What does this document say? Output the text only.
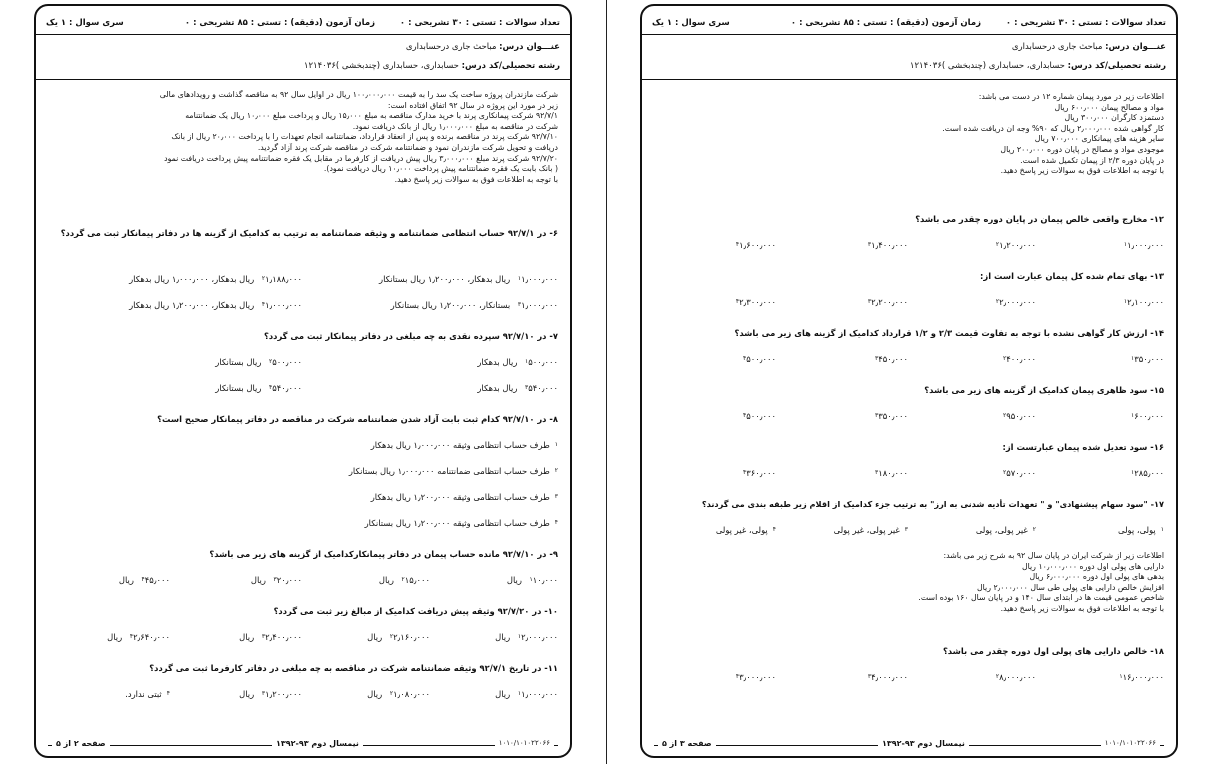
تعداد سوالات : تستی : ۳۰ تشریحی : ۰
زمان آزمون (دقیقه) : تستی : ۸۵ تشریحی : ۰
سری سوال : ۱ یک
عنـــوان درس: مباحث جاری درحسابداری
رشته تحصیلی/کد درس: حسابداری، حسابداری (چندبخشی )۱۲۱۴۰۳۶
شرکت مازندران پروژه ساخت یک سد را به قیمت ۱۰۰٫۰۰۰٫۰۰۰ ریال در اوایل سال ۹۲ به مناقصه گذاشت و رویدادهای مالی
زیر در مورد این پروژه در سال ۹۲ اتفاق افتاده است:
۹۲/۷/۱ شرکت پیمانکاری پرند با خرید مدارک مناقصه به مبلغ ۱۵٫۰۰۰ ریال و پرداخت مبلغ ۱۰٫۰۰۰ ریال یک ضمانتنامه
شرکت در مناقصه به مبلغ ۱٫۰۰۰٫۰۰۰ ریال از بانک دریافت نمود.
۹۲/۷/۱۰ شرکت پرند در مناقصه برنده و پس از انعقاد قرارداد، ضمانتنامه انجام تعهدات را با پرداخت ۲۰٫۰۰۰ ریال از بانک
دریافت و تحویل شرکت مازندران نمود و ضمانتنامه شرکت در مناقصه شرکت پرند آزاد گردید.
۹۲/۷/۲۰ شرکت پرند مبلغ ۳٫۰۰۰٫۰۰۰ ریال پیش دریافت از کارفرما در مقابل یک فقره ضمانتنامه پیش پرداخت دریافت نمود
( بانک بابت یک فقره ضمانتنامه پیش پرداخت ۱۰٫۰۰۰ ریال دریافت نمود).
با توجه به اطلاعات فوق به سوالات زیر پاسخ دهید.
۶- در ۹۲/۷/۱ حساب انتظامی ضمانتنامه و وثیقه ضمانتنامه به ترتیب به کدامیک از گزینه ها در دفاتر پیمانکار ثبت می گردد؟
$^۱$۱٫۰۰۰٫۰۰۰ ریال بدهکار، ۱٫۲۰۰٫۰۰۰ ریال بستانکار
$^۲$۱٫۱۸۸٫۰۰۰ ریال بدهکار، ۱٫۰۰۰٫۰۰۰ ریال بدهکار
$^۳$۱٫۰۰۰٫۰۰۰ بستانکار، ۱٫۲۰۰٫۰۰۰ ریال بستانکار
$^۴$۱٫۰۰۰٫۰۰۰ ریال بدهکار، ۱٫۲۰۰٫۰۰۰ ریال بدهکار
۷- در ۹۲/۷/۱۰ سپرده نقدی به چه مبلغی در دفاتر پیمانکار ثبت می گردد؟
$^۱$۵۰۰٫۰۰۰ ریال بدهکار
$^۲$۵۰۰٫۰۰۰ ریال بستانکار
$^۳$۵۴۰٫۰۰۰ ریال بدهکار
$^۴$۵۴۰٫۰۰۰ ریال بستانکار
۸- در ۹۲/۷/۱۰ کدام ثبت بابت آزاد شدن ضمانتنامه شرکت در مناقصه در دفاتر پیمانکار صحیح است؟
$^۱$طرف حساب انتظامی وثیقه ۱٫۰۰۰٫۰۰۰ ریال بدهکار
$^۲$طرف حساب انتظامی ضمانتنامه ۱٫۰۰۰٫۰۰۰ ریال بستانکار
$^۳$طرف حساب انتظامی وثیقه ۱٫۲۰۰٫۰۰۰ ریال بدهکار
$^۴$طرف حساب انتظامی وثیقه ۱٫۲۰۰٫۰۰۰ ریال بستانکار
۹- در ۹۲/۷/۱۰ مانده حساب پیمان در دفاتر پیمانکارکدامیک از گزینه های زیر می باشد؟
$^۱$۱۰٫۰۰۰ ریال
$^۲$۱۵٫۰۰۰ ریال
$^۳$۲۰٫۰۰۰ ریال
$^۴$۴۵٫۰۰۰ ریال
۱۰- در ۹۲/۷/۲۰ وثیقه پیش دریافت کدامیک از مبالغ زیر ثبت می گردد؟
$^۱$۲٫۰۰۰٫۰۰۰ ریال
$^۲$۲٫۱۶۰٫۰۰۰ ریال
$^۳$۲٫۴۰۰٫۰۰۰ ریال
$^۴$۲٫۶۴۰٫۰۰۰ ریال
۱۱- در تاریخ ۹۲/۷/۱ وثیقه ضمانتنامه شرکت در مناقصه به چه مبلغی در دفاتر کارفرما ثبت می گردد؟
$^۱$۱٫۰۰۰٫۰۰۰ ریال
$^۲$۱٫۰۸۰٫۰۰۰ ریال
$^۳$۱٫۲۰۰٫۰۰۰ ریال
$^۴$ثبتی ندارد.
صفحه ۲ از ۵	نیمسال دوم ۹۳-۱۳۹۲	۱۰۱۰/۱۰۱۰۲۲۰۶۶
تعداد سوالات : تستی : ۳۰ تشریحی : ۰
زمان آزمون (دقیقه) : تستی : ۸۵ تشریحی : ۰
سری سوال : ۱ یک
عنـــوان درس: مباحث جاری درحسابداری
رشته تحصیلی/کد درس: حسابداری، حسابداری (چندبخشی )۱۲۱۴۰۳۶
اطلاعات زیر در مورد پیمان شماره ۱۲ در دست می باشد:
مواد و مصالح پیمان ۶۰۰٫۰۰۰ ریال
دستمزد کارگران ۳۰۰٫۰۰۰ ریال
کار گواهی شده ۲٫۰۰۰٫۰۰۰ ریال که ۹۰% وجه ان دریافت شده است.
سایر هزینه های پیمانکاری ۷۰۰٫۰۰۰ ریال
موجودی مواد و مصالح در پایان دوره ۲۰۰٫۰۰۰ ریال
در پایان دوره ۲/۳ از پیمان تکمیل شده است.
با توجه به اطلاعات فوق به سوالات زیر پاسخ دهید.
۱۲- مخارج واقعی خالص پیمان در پایان دوره چقدر می باشد؟
$^۱$۱٫۰۰۰٫۰۰۰
$^۲$۱٫۲۰۰٫۰۰۰
$^۳$۱٫۴۰۰٫۰۰۰
$^۴$۱٫۶۰۰٫۰۰۰
۱۳- بهای تمام شده کل پیمان عبارت است از:
$^۱$۲٫۱۰۰٫۰۰۰
$^۲$۲٫۰۰۰٫۰۰۰
$^۳$۲٫۲۰۰٫۰۰۰
$^۴$۲٫۳۰۰٫۰۰۰
۱۴- ارزش کار گواهی نشده با توجه به تفاوت قیمت ۲/۳ و ۱/۲ قرارداد کدامیک از گزینه های زیر می باشد؟
$^۱$۳۵۰٫۰۰۰
$^۲$۴۰۰٫۰۰۰
$^۳$۴۵۰٫۰۰۰
$^۴$۵۰۰٫۰۰۰
۱۵- سود ظاهری پیمان کدامیک از گزینه های زیر می باشد؟
$^۱$۶۰۰٫۰۰۰
$^۲$۹۵۰٫۰۰۰
$^۳$۳۵۰٫۰۰۰
$^۴$۵۰۰٫۰۰۰
۱۶- سود تعدیل شده پیمان عبارتست از:
$^۱$۲۸۵٫۰۰۰
$^۲$۵۷۰٫۰۰۰
$^۳$۱۸۰٫۰۰۰
$^۴$۳۶۰٫۰۰۰
۱۷- "سود سهام پیشنهادی" و " تعهدات تأدیه شدنی به ارز" به ترتیب جزء کدامیک از اقلام زیر طبقه بندی می گردند؟
$^۱$پولی، پولی
$^۲$غیر پولی، پولی
$^۳$غیر پولی، غیر پولی
$^۴$پولی، غیر پولی
اطلاعات زیر از شرکت ایران در پایان سال ۹۲ به شرح زیر می باشد:
دارایی های پولی اول دوره ۱۰٫۰۰۰٫۰۰۰ ریال
بدهی های پولی اول دوره ۶٫۰۰۰٫۰۰۰ ریال
افزایش خالص دارایی های پولی طی سال ۲٫۰۰۰٫۰۰۰ ریال
شاخص عمومی قیمت ها در ابتدای سال ۱۴۰ و در پایان سال ۱۶۰ بوده است.
با توجه به اطلاعات فوق به سوالات زیر پاسخ دهید.
۱۸- خالص دارایی های پولی اول دوره چقدر می باشد؟
$^۱$۱۶٫۰۰۰٫۰۰۰
$^۲$۸٫۰۰۰٫۰۰۰
$^۳$۴٫۰۰۰٫۰۰۰
$^۴$۳٫۰۰۰٫۰۰۰
صفحه ۳ از ۵	نیمسال دوم ۹۳-۱۳۹۲	۱۰۱۰/۱۰۱۰۲۲۰۶۶
